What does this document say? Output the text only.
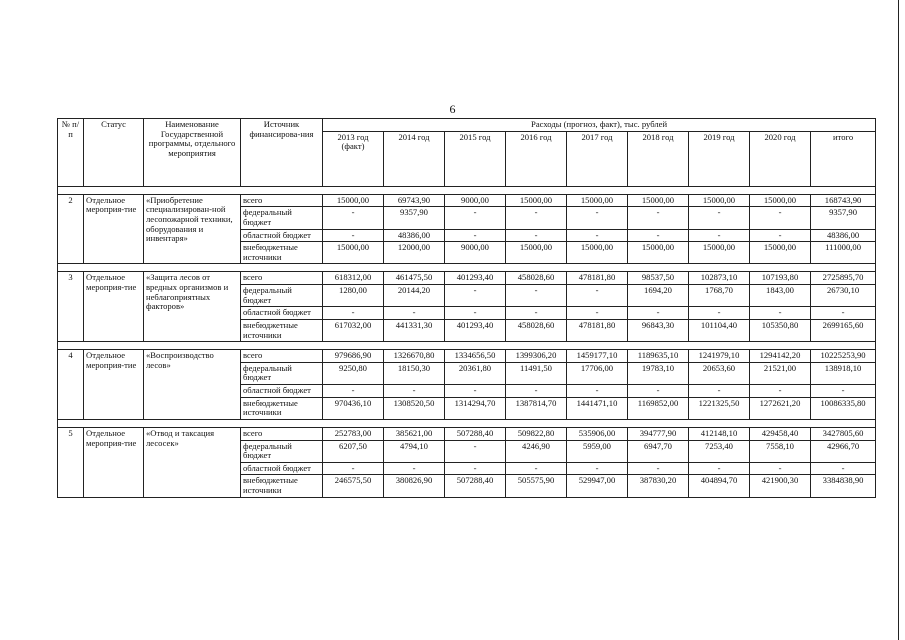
6
№ п/п	Статус	Наименование Государственной программы, отдельного мероприятия	Источник финансирова-ния	Расходы (прогноз, факт), тыс. рублей								
				2013 год (факт)	2014 год	2015 год	2016 год	2017 год	2018 год	2019 год	2020 год	итого

2	Отдельное мероприя-тие	«Приобретение специализирован-ной лесопожарной техники, оборудования и инвентаря»	всего	15000,00	69743,90	9000,00	15000,00	15000,00	15000,00	15000,00	15000,00	168743,90
			федеральный бюджет	-	9357,90	-	-	-	-	-	-	9357,90
			областной бюджет	-	48386,00	-	-	-	-	-	-	48386,00
			внебюджетные источники	15000,00	12000,00	9000,00	15000,00	15000,00	15000,00	15000,00	15000,00	111000,00

3	Отдельное мероприя-тие	«Защита лесов от вредных организмов и неблагоприятных факторов»	всего	618312,00	461475,50	401293,40	458028,60	478181,80	98537,50	102873,10	107193,80	2725895,70
			федеральный бюджет	1280,00	20144,20	-	-	-	1694,20	1768,70	1843,00	26730,10
			областной бюджет	-	-	-	-	-	-	-	-	-
			внебюджетные источники	617032,00	441331,30	401293,40	458028,60	478181,80	96843,30	101104,40	105350,80	2699165,60

4	Отдельное мероприя-тие	«Воспроизводство лесов»	всего	979686,90	1326670,80	1334656,50	1399306,20	1459177,10	1189635,10	1241979,10	1294142,20	10225253,90
			федеральный бюджет	9250,80	18150,30	20361,80	11491,50	17706,00	19783,10	20653,60	21521,00	138918,10
			областной бюджет	-	-	-	-	-	-	-	-	-
			внебюджетные источники	970436,10	1308520,50	1314294,70	1387814,70	1441471,10	1169852,00	1221325,50	1272621,20	10086335,80

5	Отдельное мероприя-тие	«Отвод и таксация лесосек»	всего	252783,00	385621,00	507288,40	509822,80	535906,00	394777,90	412148,10	429458,40	3427805,60
			федеральный бюджет	6207,50	4794,10	-	4246,90	5959,00	6947,70	7253,40	7558,10	42966,70
			областной бюджет	-	-	-	-	-	-	-	-	-
			внебюджетные источники	246575,50	380826,90	507288,40	505575,90	529947,00	387830,20	404894,70	421900,30	3384838,90
